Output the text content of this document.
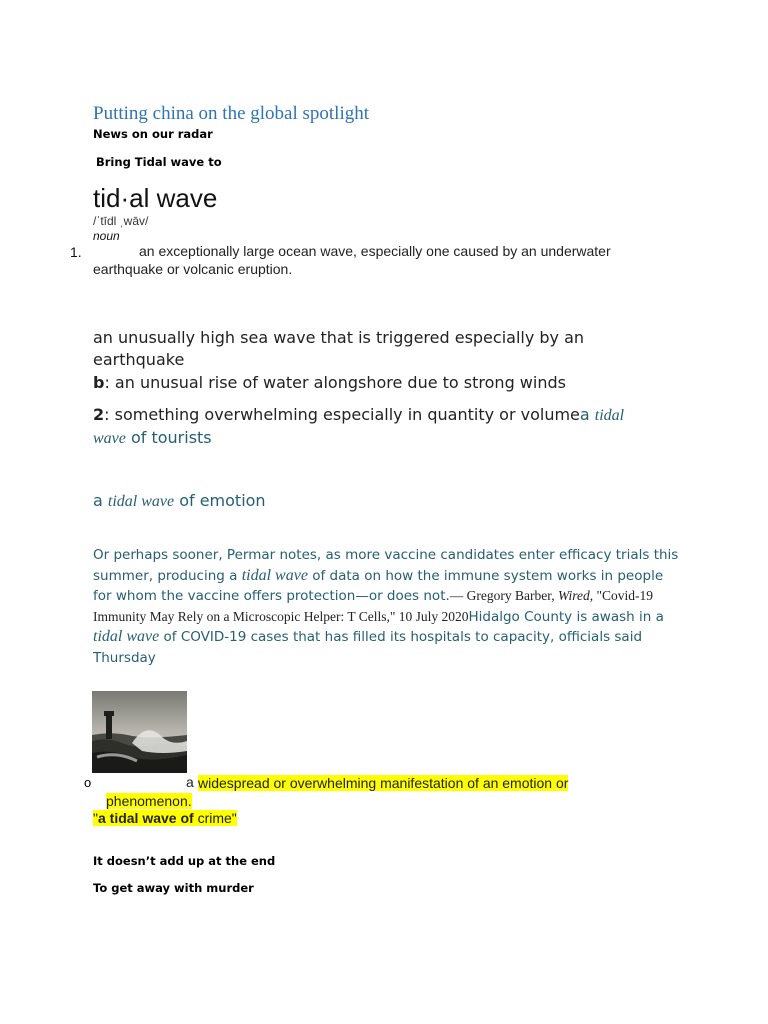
Putting china on the global spotlight
News on our radar
Bring Tidal wave to
tid·al wave
/ˈtīdl ˌwāv/
noun
1.	an exceptionally large ocean wave, especially one caused by an underwater earthquake or volcanic eruption.
an unusually high sea wave that is triggered especially by an earthquake
b: an unusual rise of water alongshore due to strong winds
2: something overwhelming especially in quantity or volumea tidal
wave of tourists
a tidal wave of emotion
Or perhaps sooner, Permar notes, as more vaccine candidates enter efficacy trials this summer, producing a tidal wave of data on how the immune system works in people for whom the vaccine offers protection—or does not.— Gregory Barber, Wired, "Covid-19 Immunity May Rely on a Microscopic Helper: T Cells," 10 July 2020Hidalgo County is awash in a tidal wave of COVID-19 cases that has filled its hospitals to capacity, officials said Thursday
o	a widespread or overwhelming manifestation of an emotion or phenomenon.
"a tidal wave of crime"
It doesn’t add up at the end
To get away with murder
